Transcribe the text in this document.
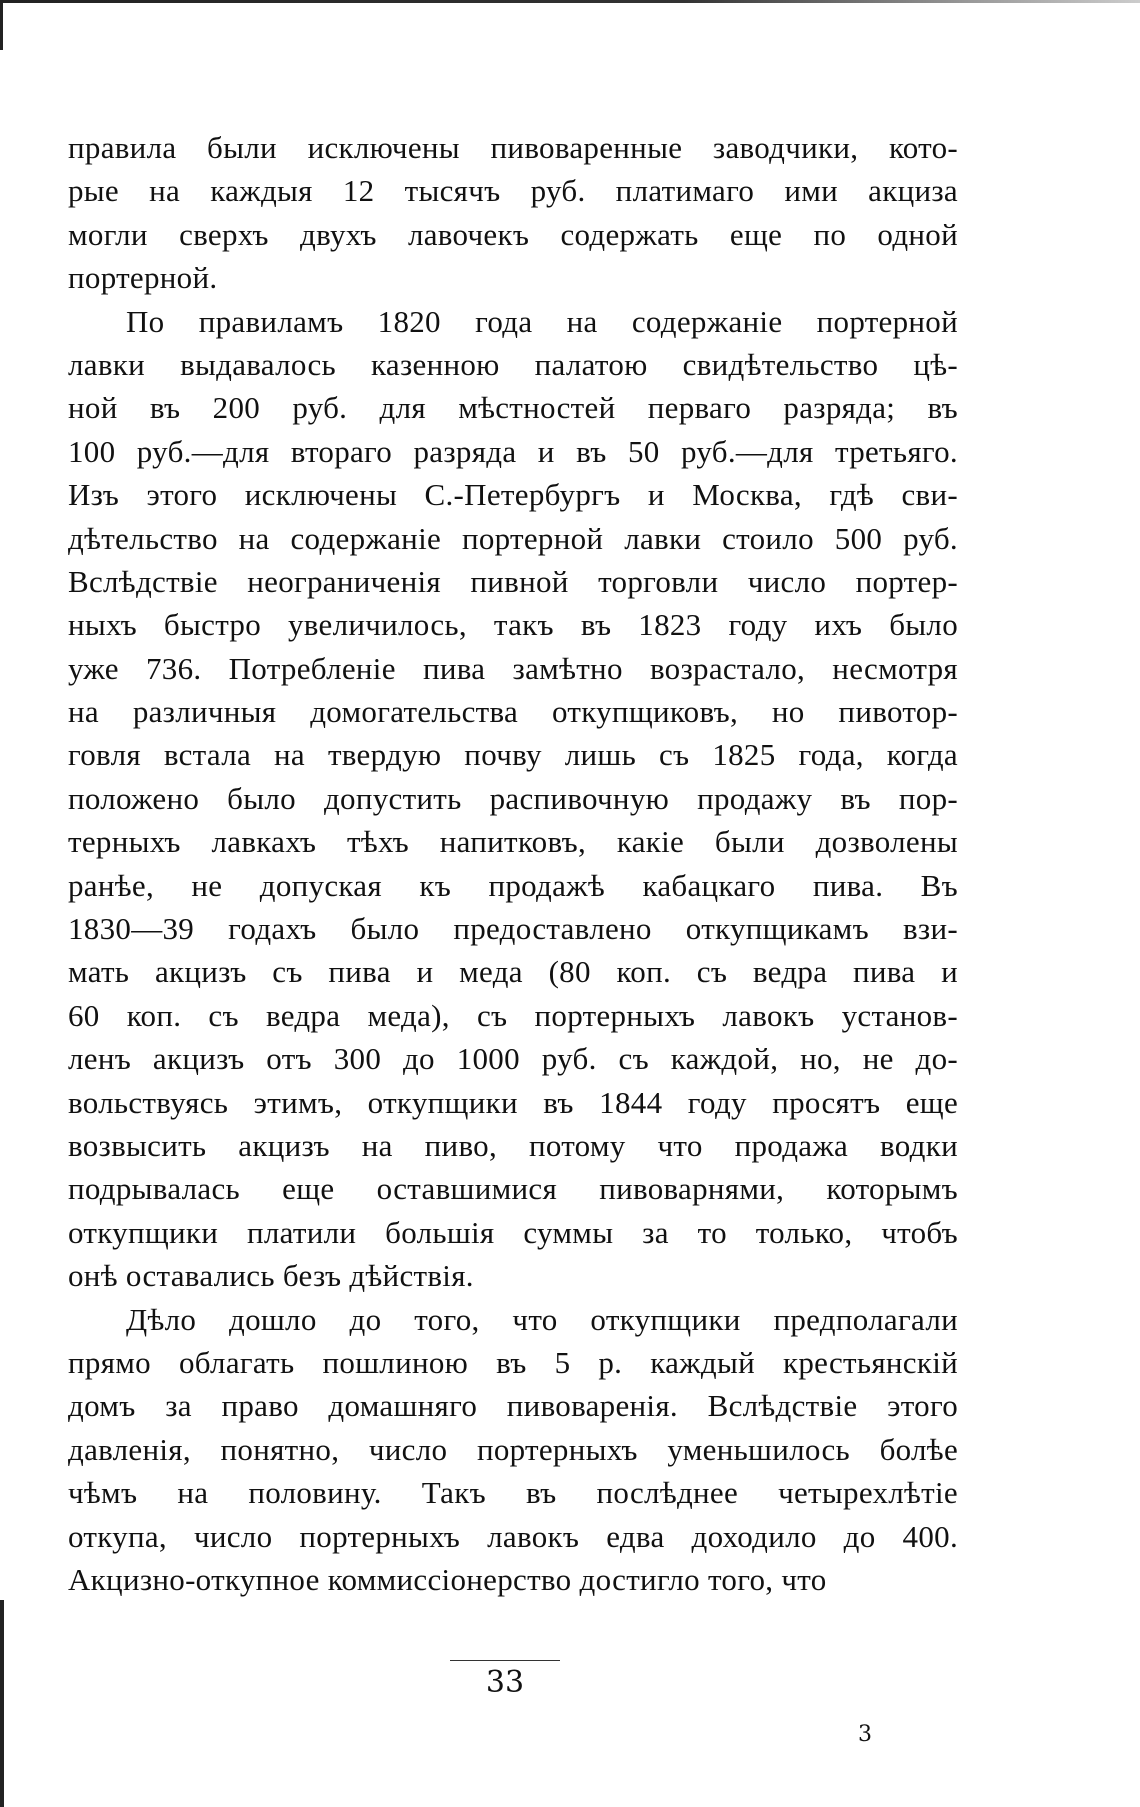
правила были исключены пивоваренные заводчики, кото-
рые на каждыя 12 тысячъ руб. платимаго ими акциза
могли сверхъ двухъ лавочекъ содержать еще по одной
портерной.
По правиламъ 1820 года на содержанiе портерной
лавки выдавалось казенною палатою свидѣтельство цѣ-
ной въ 200 руб. для мѣстностей перваго разряда; въ
100 руб.—для втораго разряда и въ 50 руб.—для третьяго.
Изъ этого исключены С.-Петербургъ и Москва, гдѣ сви-
дѣтельство на содержанiе портерной лавки стоило 500 руб.
Вслѣдствiе неограниченiя пивной торговли число портер-
ныхъ быстро увеличилось, такъ въ 1823 году ихъ было
уже 736. Потребленiе пива замѣтно возрастало, несмотря
на различныя домогательства откупщиковъ, но пивотор-
говля встала на твердую почву лишь съ 1825 года, когда
положено было допустить распивочную продажу въ пор-
терныхъ лавкахъ тѣхъ напитковъ, какiе были дозволены
ранѣе, не допуская къ продажѣ кабацкаго пива. Въ
1830—39 годахъ было предоставлено откупщикамъ взи-
мать акцизъ съ пива и меда (80 коп. съ ведра пива и
60 коп. съ ведра меда), съ портерныхъ лавокъ установ-
ленъ акцизъ отъ 300 до 1000 руб. съ каждой, но, не до-
вольствуясь этимъ, откупщики въ 1844 году просятъ еще
возвысить акцизъ на пиво, потому что продажа водки
подрывалась еще оставшимися пивоварнями, которымъ
откупщики платили большiя суммы за то только, чтобъ
онѣ оставались безъ дѣйствiя.
Дѣло дошло до того, что откупщики предполагали
прямо облагать пошлиною въ 5 р. каждый крестьянскiй
домъ за право домашняго пивоваренiя. Вслѣдствiе этого
давленiя, понятно, число портерныхъ уменьшилось болѣе
чѣмъ на половину. Такъ въ послѣднее четырехлѣтiе
откупа, число портерныхъ лавокъ едва доходило до 400.
Акцизно-откупное коммиссiонерство достигло того, что
33
3
